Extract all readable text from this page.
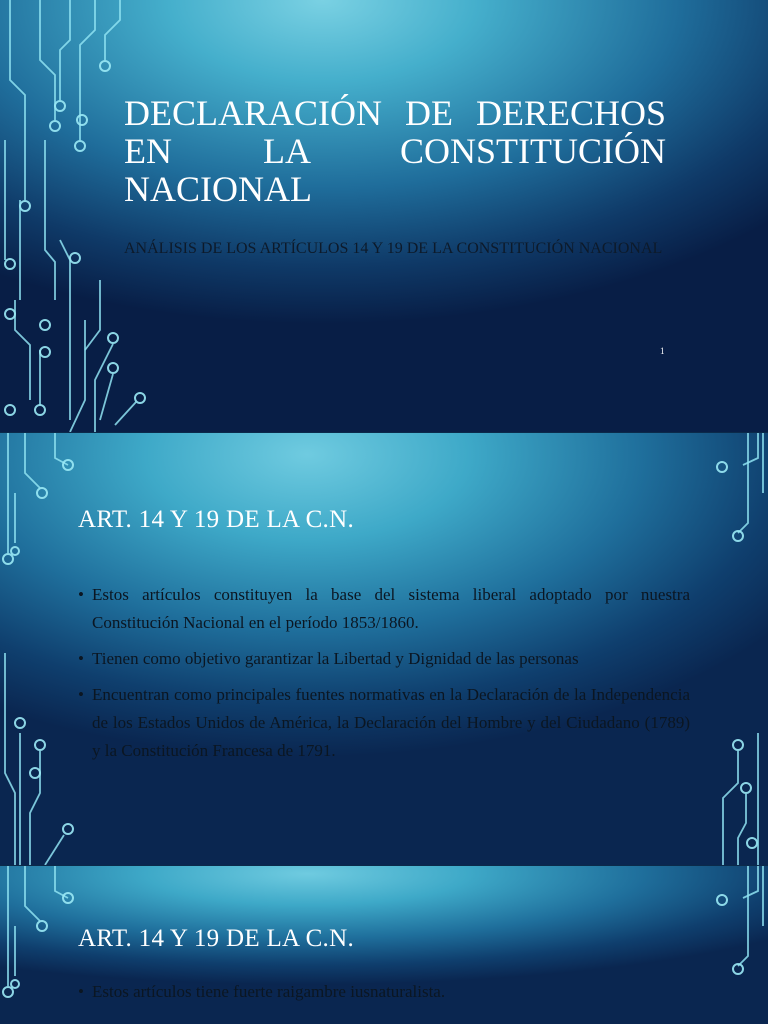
DECLARACIÓN DE DERECHOS EN LA CONSTITUCIÓN NACIONAL

ANÁLISIS DE LOS ARTÍCULOS 14 Y 19 DE LA CONSTITUCIÓN NACIONAL

1
ART. 14 Y 19 DE LA C.N.
• Estos artículos constituyen la base del sistema liberal adoptado por nuestra Constitución Nacional en el período 1853/1860.
• Tienen como objetivo garantizar la Libertad y Dignidad de las personas
• Encuentran como principales fuentes normativas en la Declaración de la Independencia de los Estados Unidos de América, la Declaración del Hombre y del Ciudadano (1789) y la Constitución Francesa de 1791.
ART. 14 Y 19 DE LA C.N.
• Estos artículos tiene fuerte raigambre iusnaturalista.
